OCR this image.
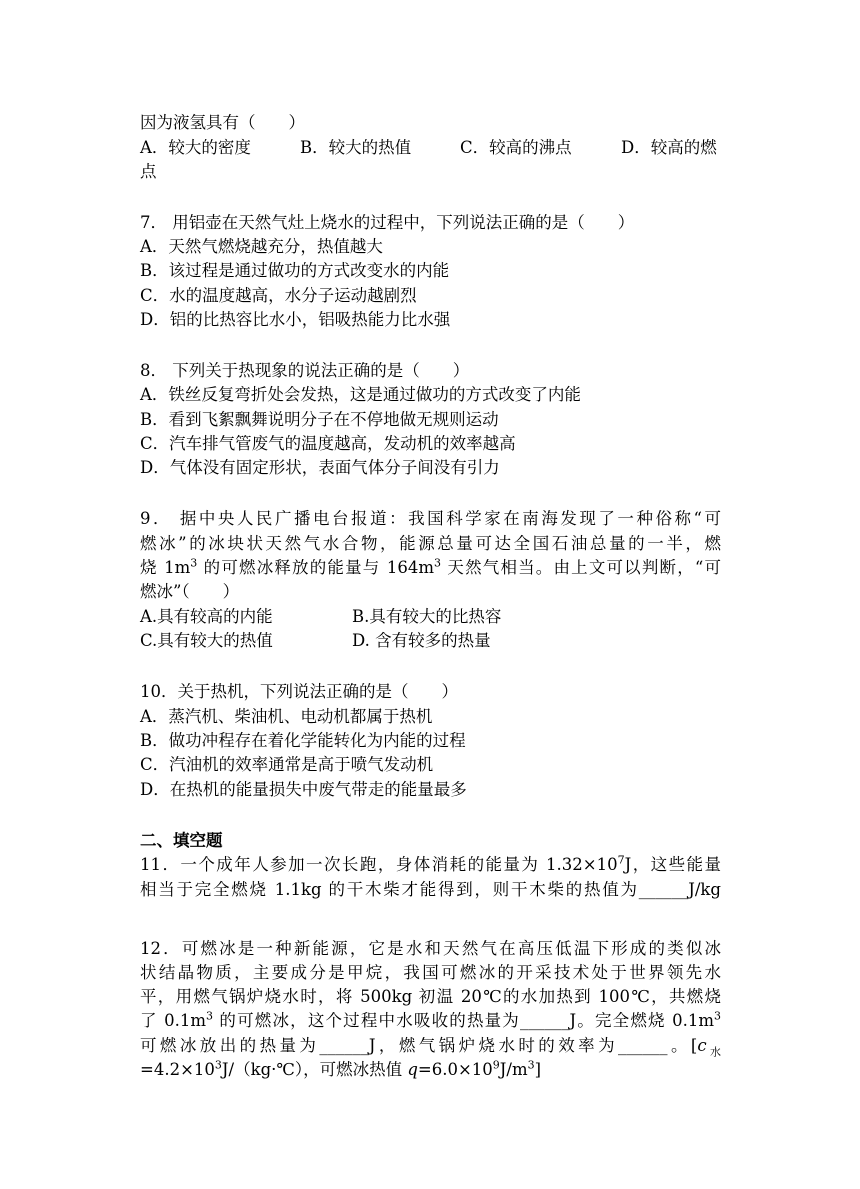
因为液氢具有（　　）
A．较大的密度	B．较大的热值	C．较高的沸点	D．较高的燃
点
7． 用铝壶在天然气灶上烧水的过程中，下列说法正确的是（　　）
A．天然气燃烧越充分，热值越大
B．该过程是通过做功的方式改变水的内能
C．水的温度越高，水分子运动越剧烈
D．铝的比热容比水小，铝吸热能力比水强
8． 下列关于热现象的说法正确的是（　　）
A．铁丝反复弯折处会发热，这是通过做功的方式改变了内能
B．看到飞絮飘舞说明分子在不停地做无规则运动
C．汽车排气管废气的温度越高，发动机的效率越高
D．气体没有固定形状，表面气体分子间没有引力
9． 据中央人民广播电台报道：我国科学家在南海发现了一种俗称“可
燃冰”的冰块状天然气水合物，能源总量可达全国石油总量的一半，燃
烧 $1m^3$ 的可燃冰释放的能量与 $164m^3$ 天然气相当。由上文可以判断，“可
燃冰”（　　）
A.具有较高的内能	B.具有较大的比热容
C.具有较大的热值	D. 含有较多的热量
10．关于热机，下列说法正确的是（　　）
A．蒸汽机、柴油机、电动机都属于热机
B．做功冲程存在着化学能转化为内能的过程
C．汽油机的效率通常是高于喷气发动机
D．在热机的能量损失中废气带走的能量最多
二、填空题
11．一个成年人参加一次长跑，身体消耗的能量为 $1.32\times 10^7J$，这些能量
相当于完全燃烧 1.1kg 的干木柴才能得到，则干木柴的热值为______J/kg
12．可燃冰是一种新能源，它是水和天然气在高压低温下形成的类似冰
状结晶物质，主要成分是甲烷，我国可燃冰的开采技术处于世界领先水
平，用燃气锅炉烧水时，将 500kg 初温 20℃的水加热到 100℃，共燃烧
了 $0.1m^3$ 的可燃冰，这个过程中水吸收的热量为______J。完全燃烧 $0.1m^3$
可燃冰放出的热量为______J，燃气锅炉烧水时的效率为______。[$c_水$
$=4.2\times 10^3J/(kg\cdot℃)$，可燃冰热值 $q=6.0\times 10^9J/m^3$]
